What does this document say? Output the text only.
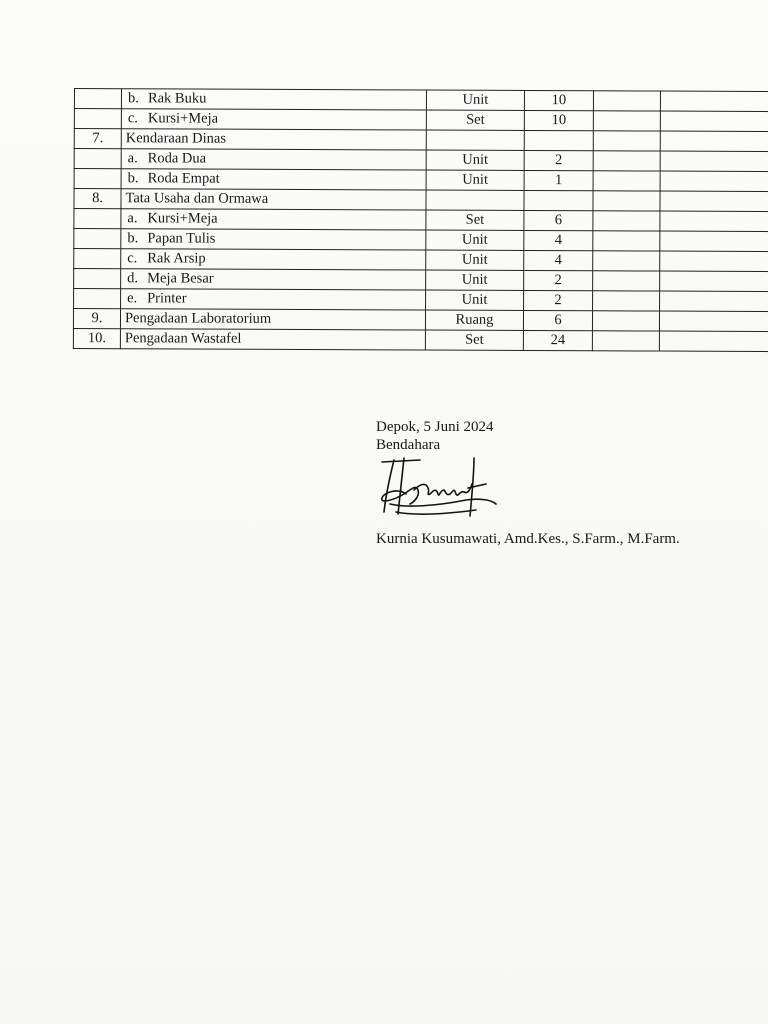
	b. Rak Buku	Unit	10		
	c. Kursi+Meja	Set	10		
7.	Kendaraan Dinas				
	a. Roda Dua	Unit	2		
	b. Roda Empat	Unit	1		
8.	Tata Usaha dan Ormawa				
	a. Kursi+Meja	Set	6		
	b. Papan Tulis	Unit	4		
	c. Rak Arsip	Unit	4		
	d. Meja Besar	Unit	2		
	e. Printer	Unit	2		
9.	Pengadaan Laboratorium	Ruang	6		
10.	Pengadaan Wastafel	Set	24		
Depok, 5 Juni 2024
Bendahara
Kurnia Kusumawati, Amd.Kes., S.Farm., M.Farm.
